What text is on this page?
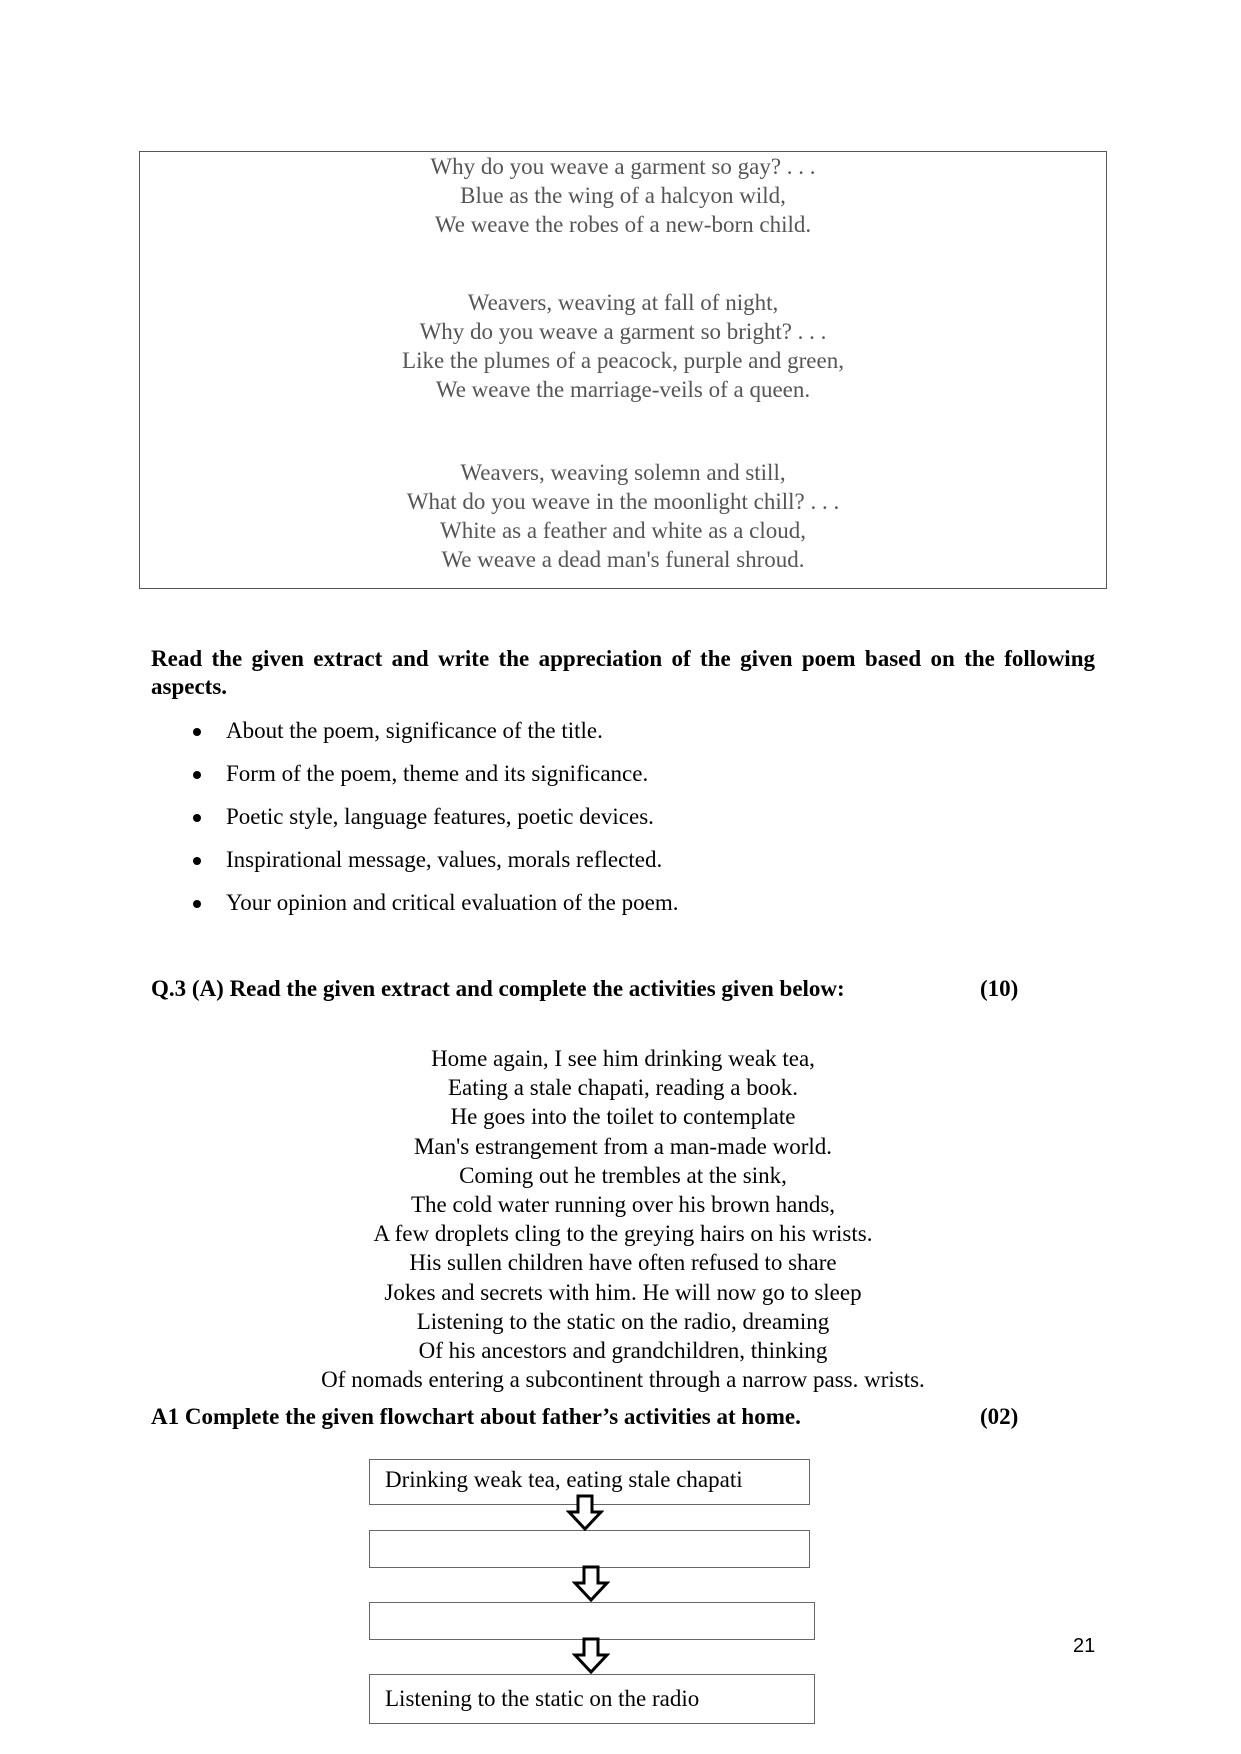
Why do you weave a garment so gay? . . .
Blue as the wing of a halcyon wild,
We weave the robes of a new-born child.
Weavers, weaving at fall of night,
Why do you weave a garment so bright? . . .
Like the plumes of a peacock, purple and green,
We weave the marriage-veils of a queen.
Weavers, weaving solemn and still,
What do you weave in the moonlight chill? . . .
White as a feather and white as a cloud,
We weave a dead man's funeral shroud.
Read the given extract and write the appreciation of the given poem based on the following aspects.
About the poem, significance of the title.
Form of the poem, theme and its significance.
Poetic style, language features, poetic devices.
Inspirational message, values, morals reflected.
Your opinion and critical evaluation of the poem.
Q.3 (A) Read the given extract and complete the activities given below:	(10)
Home again, I see him drinking weak tea,
Eating a stale chapati, reading a book.
He goes into the toilet to contemplate
Man's estrangement from a man-made world.
Coming out he trembles at the sink,
The cold water running over his brown hands,
A few droplets cling to the greying hairs on his wrists.
His sullen children have often refused to share
Jokes and secrets with him. He will now go to sleep
Listening to the static on the radio, dreaming
Of his ancestors and grandchildren, thinking
Of nomads entering a subcontinent through a narrow pass. wrists.
A1 Complete the given flowchart about father’s activities at home.	(02)
Drinking weak tea, eating stale chapati
Listening to the static on the radio
21
